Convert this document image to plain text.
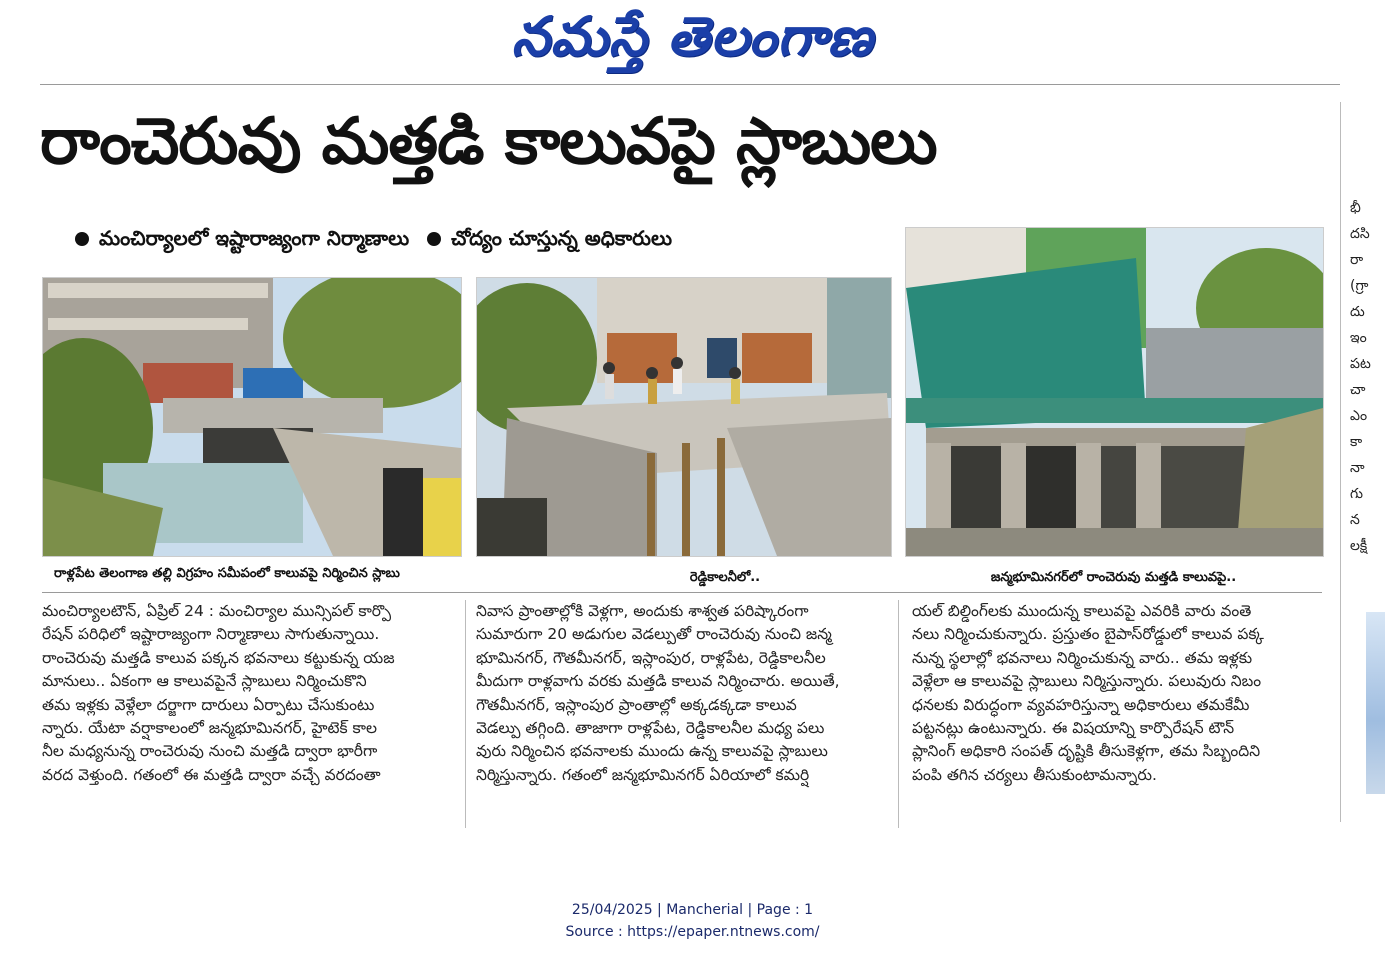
నమస్తే తెలంగాణ
రాంచెరువు మత్తడి కాలువపై స్లాబులు
మంచిర్యాలలో ఇష్టారాజ్యంగా నిర్మాణాలు	చోద్యం చూస్తున్న అధికారులు
రాళ్లపేట తెలంగాణ తల్లి విగ్రహం సమీపంలో కాలువపై నిర్మించిన స్లాబు	రెడ్డికాలనీలో..	జన్మభూమినగర్‌లో రాంచెరువు మత్తడి కాలువపై..

మంచిర్యాలటౌన్, ఏప్రిల్ 24 : మంచిర్యాల మున్సిపల్ కార్పొ

రేషన్ పరిధిలో ఇష్టారాజ్యంగా నిర్మాణాలు సాగుతున్నాయి.

రాంచెరువు మత్తడి కాలువ పక్కన భవనాలు కట్టుకున్న యజ

మానులు.. ఏకంగా ఆ కాలువపైనే స్లాబులు నిర్మించుకొని

తమ ఇళ్లకు వెళ్లేలా దర్జాగా దారులు ఏర్పాటు చేసుకుంటు

న్నారు. యేటా వర్షాకాలంలో జన్మభూమినగర్, హైటెక్ కాల

నీల మధ్యనున్న రాంచెరువు నుంచి మత్తడి ద్వారా భారీగా

వరద వెళ్తుంది. గతంలో ఈ మత్తడి ద్వారా వచ్చే వరదంతా

నివాస ప్రాంతాల్లోకి వెళ్లగా, అందుకు శాశ్వత పరిష్కారంగా

సుమారుగా 20 అడుగుల వెడల్పుతో రాంచెరువు నుంచి జన్మ

భూమినగర్, గౌతమీనగర్, ఇస్లాంపుర, రాళ్లపేట, రెడ్డికాలనీల

మీదుగా రాళ్లవాగు వరకు మత్తడి కాలువ నిర్మించారు. అయితే,

గౌతమీనగర్, ఇస్లాంపుర ప్రాంతాల్లో అక్కడక్కడా కాలువ

వెడల్పు తగ్గింది. తాజాగా రాళ్లపేట, రెడ్డికాలనీల మధ్య పలు

వురు నిర్మించిన భవనాలకు ముందు ఉన్న కాలువపై స్లాబులు

నిర్మిస్తున్నారు. గతంలో జన్మభూమినగర్ ఏరియాలో కమర్షి

యల్ బిల్డింగ్‌లకు ముందున్న కాలువపై ఎవరికి వారు వంతె

నలు నిర్మించుకున్నారు. ప్రస్తుతం బైపాస్‌రోడ్డులో కాలువ పక్క

నున్న స్థలాల్లో భవనాలు నిర్మించుకున్న వారు.. తమ ఇళ్లకు

వెళ్లేలా ఆ కాలువపై స్లాబులు నిర్మిస్తున్నారు. పలువురు నిబం

ధనలకు విరుద్ధంగా వ్యవహరిస్తున్నా అధికారులు తమకేమీ

పట్టనట్లు ఉంటున్నారు. ఈ విషయాన్ని కార్పొరేషన్ టౌన్

ప్లానింగ్ అధికారి సంపత్ దృష్టికి తీసుకెళ్లగా, తమ సిబ్బందిని

పంపి తగిన చర్యలు తీసుకుంటామన్నారు.

భీ
దసి
రా
(గ్రా
దు
ఇం
పట
చా
ఎం
కా
నా
గు
న
లక్షీ
25/04/2025 | Mancherial | Page : 1
Source : https://epaper.ntnews.com/
